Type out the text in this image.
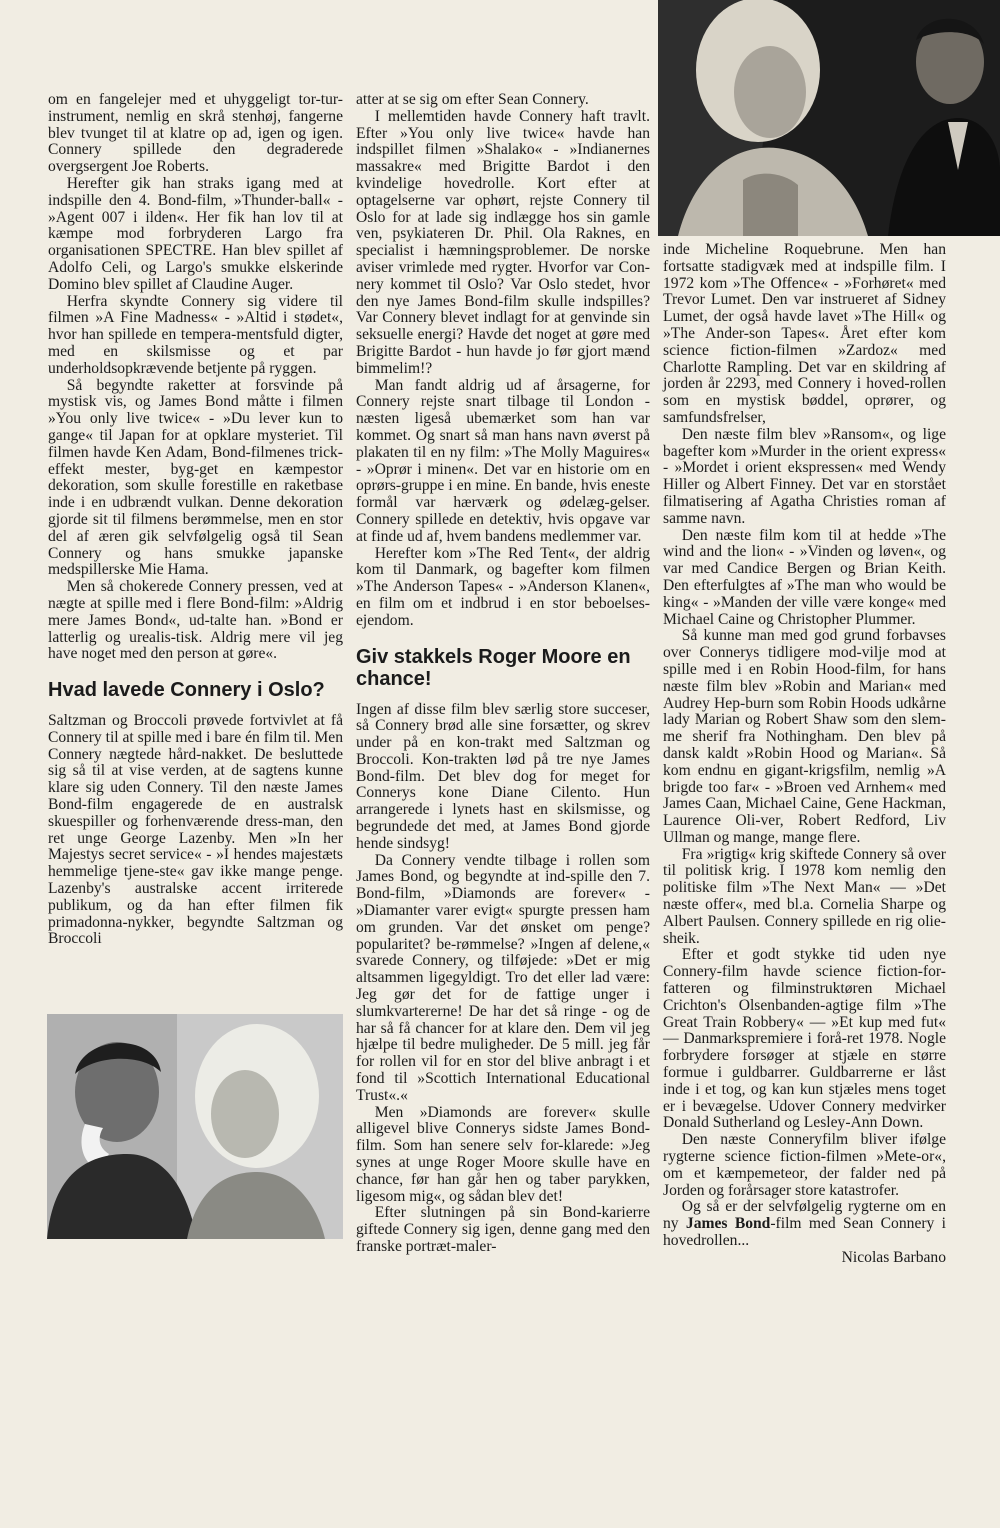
om en fangelejer med et uhyggeligt tor-tur-instrument, nemlig en skrå stenhøj, fangerne blev tvunget til at klatre op ad, igen og igen. Connery spillede den degraderede overgsergent Joe Roberts.

Herefter gik han straks igang med at indspille den 4. Bond-film, »Thunder-ball« - »Agent 007 i ilden«. Her fik han lov til at kæmpe mod forbryderen Largo fra organisationen SPECTRE. Han blev spillet af Adolfo Celi, og Largo's smukke elskerinde Domino blev spillet af Claudine Auger.

Herfra skyndte Connery sig videre til filmen »A Fine Madness« - »Altid i stødet«, hvor han spillede en tempera-mentsfuld digter, med en skilsmisse og et par underholdsopkrævende betjente på ryggen.

Så begyndte raketter at forsvinde på mystisk vis, og James Bond måtte i filmen »You only live twice« - »Du lever kun to gange« til Japan for at opklare mysteriet. Til filmen havde Ken Adam, Bond-filmenes trick-effekt mester, byg-get en kæmpestor dekoration, som skulle forestille en raketbase inde i en udbrændt vulkan. Denne dekoration gjorde sit til filmens berømmelse, men en stor del af æren gik selvfølgelig også til Sean Connery og hans smukke japanske medspillerske Mie Hama.

Men så chokerede Connery pressen, ved at nægte at spille med i flere Bond-film: »Aldrig mere James Bond«, ud-talte han. »Bond er latterlig og urealis-tisk. Aldrig mere vil jeg have noget med den person at gøre«.

Hvad lavede Connery i Oslo?

Saltzman og Broccoli prøvede fortvivlet at få Connery til at spille med i bare én film til. Men Connery nægtede hård-nakket. De besluttede sig så til at vise verden, at de sagtens kunne klare sig uden Connery. Til den næste James Bond-film engagerede de en australsk skuespiller og forhenværende dress-man, den ret unge George Lazenby. Men »In her Majestys secret service« - »I hendes majestæts hemmelige tjene-ste« gav ikke mange penge. Lazenby's australske accent irriterede publikum, og da han efter filmen fik primadonna-nykker, begyndte Saltzman og Broccoli

atter at se sig om efter Sean Connery.

I mellemtiden havde Connery haft travlt. Efter »You only live twice« havde han indspillet filmen »Shalako« - »Indianernes massakre« med Brigitte Bardot i den kvindelige hovedrolle. Kort efter at optagelserne var ophørt, rejste Connery til Oslo for at lade sig indlægge hos sin gamle ven, psykiateren Dr. Phil. Ola Raknes, en specialist i hæmningsproblemer. De norske aviser vrimlede med rygter. Hvorfor var Con-nery kommet til Oslo? Var Oslo stedet, hvor den nye James Bond-film skulle indspilles? Var Connery blevet indlagt for at genvinde sin seksuelle energi? Havde det noget at gøre med Brigitte Bardot - hun havde jo før gjort mænd bimmelim!?

Man fandt aldrig ud af årsagerne, for Connery rejste snart tilbage til London - næsten ligeså ubemærket som han var kommet. Og snart så man hans navn øverst på plakaten til en ny film: »The Molly Maguires« - »Oprør i minen«. Det var en historie om en oprørs-gruppe i en mine. En bande, hvis eneste formål var hærværk og ødelæg-gelser. Connery spillede en detektiv, hvis opgave var at finde ud af, hvem bandens medlemmer var.

Herefter kom »The Red Tent«, der aldrig kom til Danmark, og bagefter kom filmen »The Anderson Tapes« - »Anderson Klanen«, en film om et indbrud i en stor beboelses-ejendom.

Giv stakkels Roger Moore en chance!

Ingen af disse film blev særlig store succeser, så Connery brød alle sine forsætter, og skrev under på en kon-trakt med Saltzman og Broccoli. Kon-trakten lød på tre nye James Bond-film. Det blev dog for meget for Connerys kone Diane Cilento. Hun arrangerede i lynets hast en skilsmisse, og begrundede det med, at James Bond gjorde hende sindsyg!

Da Connery vendte tilbage i rollen som James Bond, og begyndte at ind-spille den 7. Bond-film, »Diamonds are forever« - »Diamanter varer evigt« spurgte pressen ham om grunden. Var det ønsket om penge? popularitet? be-rømmelse? »Ingen af delene,« svarede Connery, og tilføjede: »Det er mig altsammen ligegyldigt. Tro det eller lad være: Jeg gør det for de fattige unger i slumkvartererne! De har det så ringe - og de har så få chancer for at klare den. Dem vil jeg hjælpe til bedre muligheder. De 5 mill. jeg får for rollen vil for en stor del blive anbragt i et fond til »Scottich International Educational Trust«.«

Men »Diamonds are forever« skulle alligevel blive Connerys sidste James Bond-film. Som han senere selv for-klarede: »Jeg synes at unge Roger Moore skulle have en chance, før han går hen og taber parykken, ligesom mig«, og sådan blev det!

Efter slutningen på sin Bond-karierre giftede Connery sig igen, denne gang med den franske portræt-maler-

inde Micheline Roquebrune. Men han fortsatte stadigvæk med at indspille film. I 1972 kom »The Offence« - »Forhøret« med Trevor Lumet. Den var instrueret af Sidney Lumet, der også havde lavet »The Hill« og »The Ander-son Tapes«. Året efter kom science fiction-filmen »Zardoz« med Charlotte Rampling. Det var en skildring af jorden år 2293, med Connery i hoved-rollen som en mystisk bøddel, oprører, og samfundsfrelser,

Den næste film blev »Ransom«, og lige bagefter kom »Murder in the orient express« - »Mordet i orient ekspressen« med Wendy Hiller og Albert Finney. Det var en storstået filmatisering af Agatha Christies roman af samme navn.

Den næste film kom til at hedde »The wind and the lion« - »Vinden og løven«, og var med Candice Bergen og Brian Keith. Den efterfulgtes af »The man who would be king« - »Manden der ville være konge« med Michael Caine og Christopher Plummer.

Så kunne man med god grund forbavses over Connerys tidligere mod-vilje mod at spille med i en Robin Hood-film, for hans næste film blev »Robin and Marian« med Audrey Hep-burn som Robin Hoods udkårne lady Marian og Robert Shaw som den slem-me sherif fra Nothingham. Den blev på dansk kaldt »Robin Hood og Marian«. Så kom endnu en gigant-krigsfilm, nemlig »A brigde too far« - »Broen ved Arnhem« med James Caan, Michael Caine, Gene Hackman, Laurence Oli-ver, Robert Redford, Liv Ullman og mange, mange flere.

Fra »rigtig« krig skiftede Connery så over til politisk krig. I 1978 kom nemlig den politiske film »The Next Man« — »Det næste offer«, med bl.a. Cornelia Sharpe og Albert Paulsen. Connery spillede en rig olie-sheik.

Efter et godt stykke tid uden nye Connery-film havde science fiction-for-fatteren og filminstruktøren Michael Crichton's Olsenbanden-agtige film »The Great Train Robbery« — »Et kup med fut« — Danmarkspremiere i forå-ret 1978. Nogle forbrydere forsøger at stjæle en større formue i guldbarrer. Guldbarrerne er låst inde i et tog, og kan kun stjæles mens toget er i bevægelse. Udover Connery medvirker Donald Sutherland og Lesley-Ann Down.

Den næste Conneryfilm bliver ifølge rygterne science fiction-filmen »Mete-or«, om et kæmpemeteor, der falder ned på Jorden og forårsager store katastrofer.

Og så er der selvfølgelig rygterne om en ny James Bond-film med Sean Connery i hovedrollen...

Nicolas Barbano
